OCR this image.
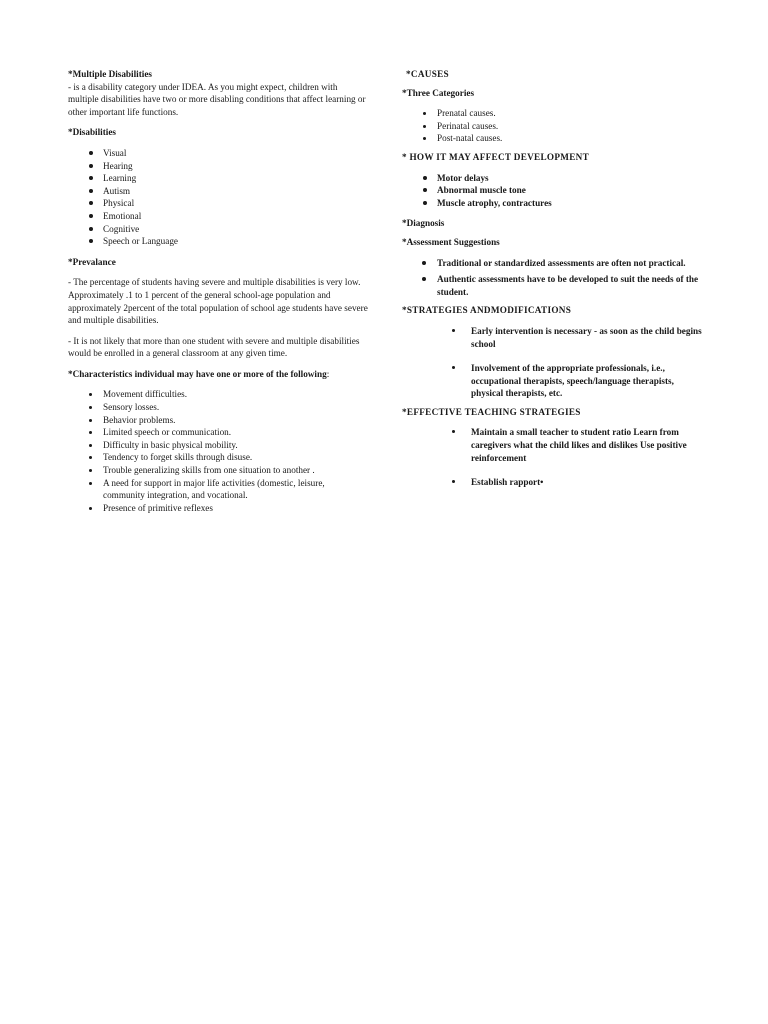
*Multiple Disabilities

- is a disability category under IDEA. As you might expect, children with multiple disabilities have two or more disabling conditions that affect learning or other important life functions.

*Disabilities

Visual
Hearing
Learning
Autism
Physical
Emotional
Cognitive
Speech or Language

*Prevalance

- The percentage of students having severe and multiple disabilities is very low. Approximately .1 to 1 percent of the general school-age population and approximately 2percent of the total population of school age students have severe and multiple disabilities.

- It is not likely that more than one student with severe and multiple disabilities would be enrolled in a general classroom at any given time.

*Characteristics individual may have one or more of the following:

Movement difficulties.
Sensory losses.
Behavior problems.
Limited speech or communication.
Difficulty in basic physical mobility.
Tendency to forget skills through disuse.
Trouble generalizing skills from one situation to another .
A need for support in major life activities (domestic, leisure, community integration, and vocational.
Presence of primitive reflexes

*CAUSES

*Three Categories

Prenatal causes.
Perinatal causes.
Post-natal causes.

* HOW IT MAY AFFECT DEVELOPMENT

Motor delays
Abnormal muscle tone
Muscle atrophy, contractures

*Diagnosis

*Assessment Suggestions

Traditional or standardized assessments are often not practical.
Authentic assessments have to be developed to suit the needs of the student.

*STRATEGIES ANDMODIFICATIONS

Early intervention is necessary - as soon as the child begins school
Involvement of the appropriate professionals, i.e., occupational therapists, speech/language therapists, physical therapists, etc.

*EFFECTIVE TEACHING STRATEGIES

Maintain a small teacher to student ratio Learn from caregivers what the child likes and dislikes Use positive reinforcement
Establish rapport•
